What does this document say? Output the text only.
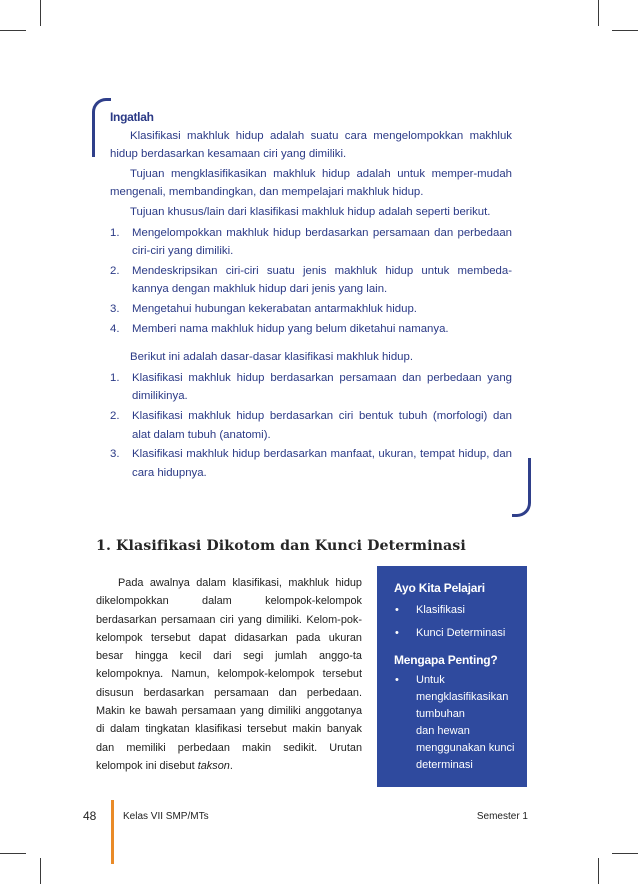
Ingatlah

Klasifikasi makhluk hidup adalah suatu cara mengelompokkan makhluk hidup berdasarkan kesamaan ciri yang dimiliki.

Tujuan mengklasifikasikan makhluk hidup adalah untuk memper-mudah mengenali, membandingkan, dan mempelajari makhluk hidup.

Tujuan khusus/lain dari klasifikasi makhluk hidup adalah seperti berikut.

1. Mengelompokkan makhluk hidup berdasarkan persamaan dan perbedaan ciri-ciri yang dimiliki.
2. Mendeskripsikan ciri-ciri suatu jenis makhluk hidup untuk membeda-kannya dengan makhluk hidup dari jenis yang lain.
3. Mengetahui hubungan kekerabatan antarmakhluk hidup.
4. Memberi nama makhluk hidup yang belum diketahui namanya.

Berikut ini adalah dasar-dasar klasifikasi makhluk hidup.

1. Klasifikasi makhluk hidup berdasarkan persamaan dan perbedaan yang dimilikinya.
2. Klasifikasi makhluk hidup berdasarkan ciri bentuk tubuh (morfologi) dan alat dalam tubuh (anatomi).
3. Klasifikasi makhluk hidup berdasarkan manfaat, ukuran, tempat hidup, dan cara hidupnya.
1. Klasifikasi Dikotom dan Kunci Determinasi

Pada awalnya dalam klasifikasi, makhluk hidup dikelompokkan dalam kelompok-kelompok berdasarkan persamaan ciri yang dimiliki. Kelom-pok-kelompok tersebut dapat didasarkan pada ukuran besar hingga kecil dari segi jumlah anggo-ta kelompoknya. Namun, kelompok-kelompok tersebut disusun berdasarkan persamaan dan perbedaan. Makin ke bawah persamaan yang dimiliki anggotanya di dalam tingkatan klasifikasi tersebut makin banyak dan memiliki perbedaan makin sedikit. Urutan kelompok ini disebut takson.

Ayo Kita Pelajari
• Klasifikasi
• Kunci Determinasi
Mengapa Penting?
• Untuk
mengklasifikasikan
tumbuhan
dan hewan
menggunakan kunci
determinasi
48	Kelas VII SMP/MTs	Semester 1
